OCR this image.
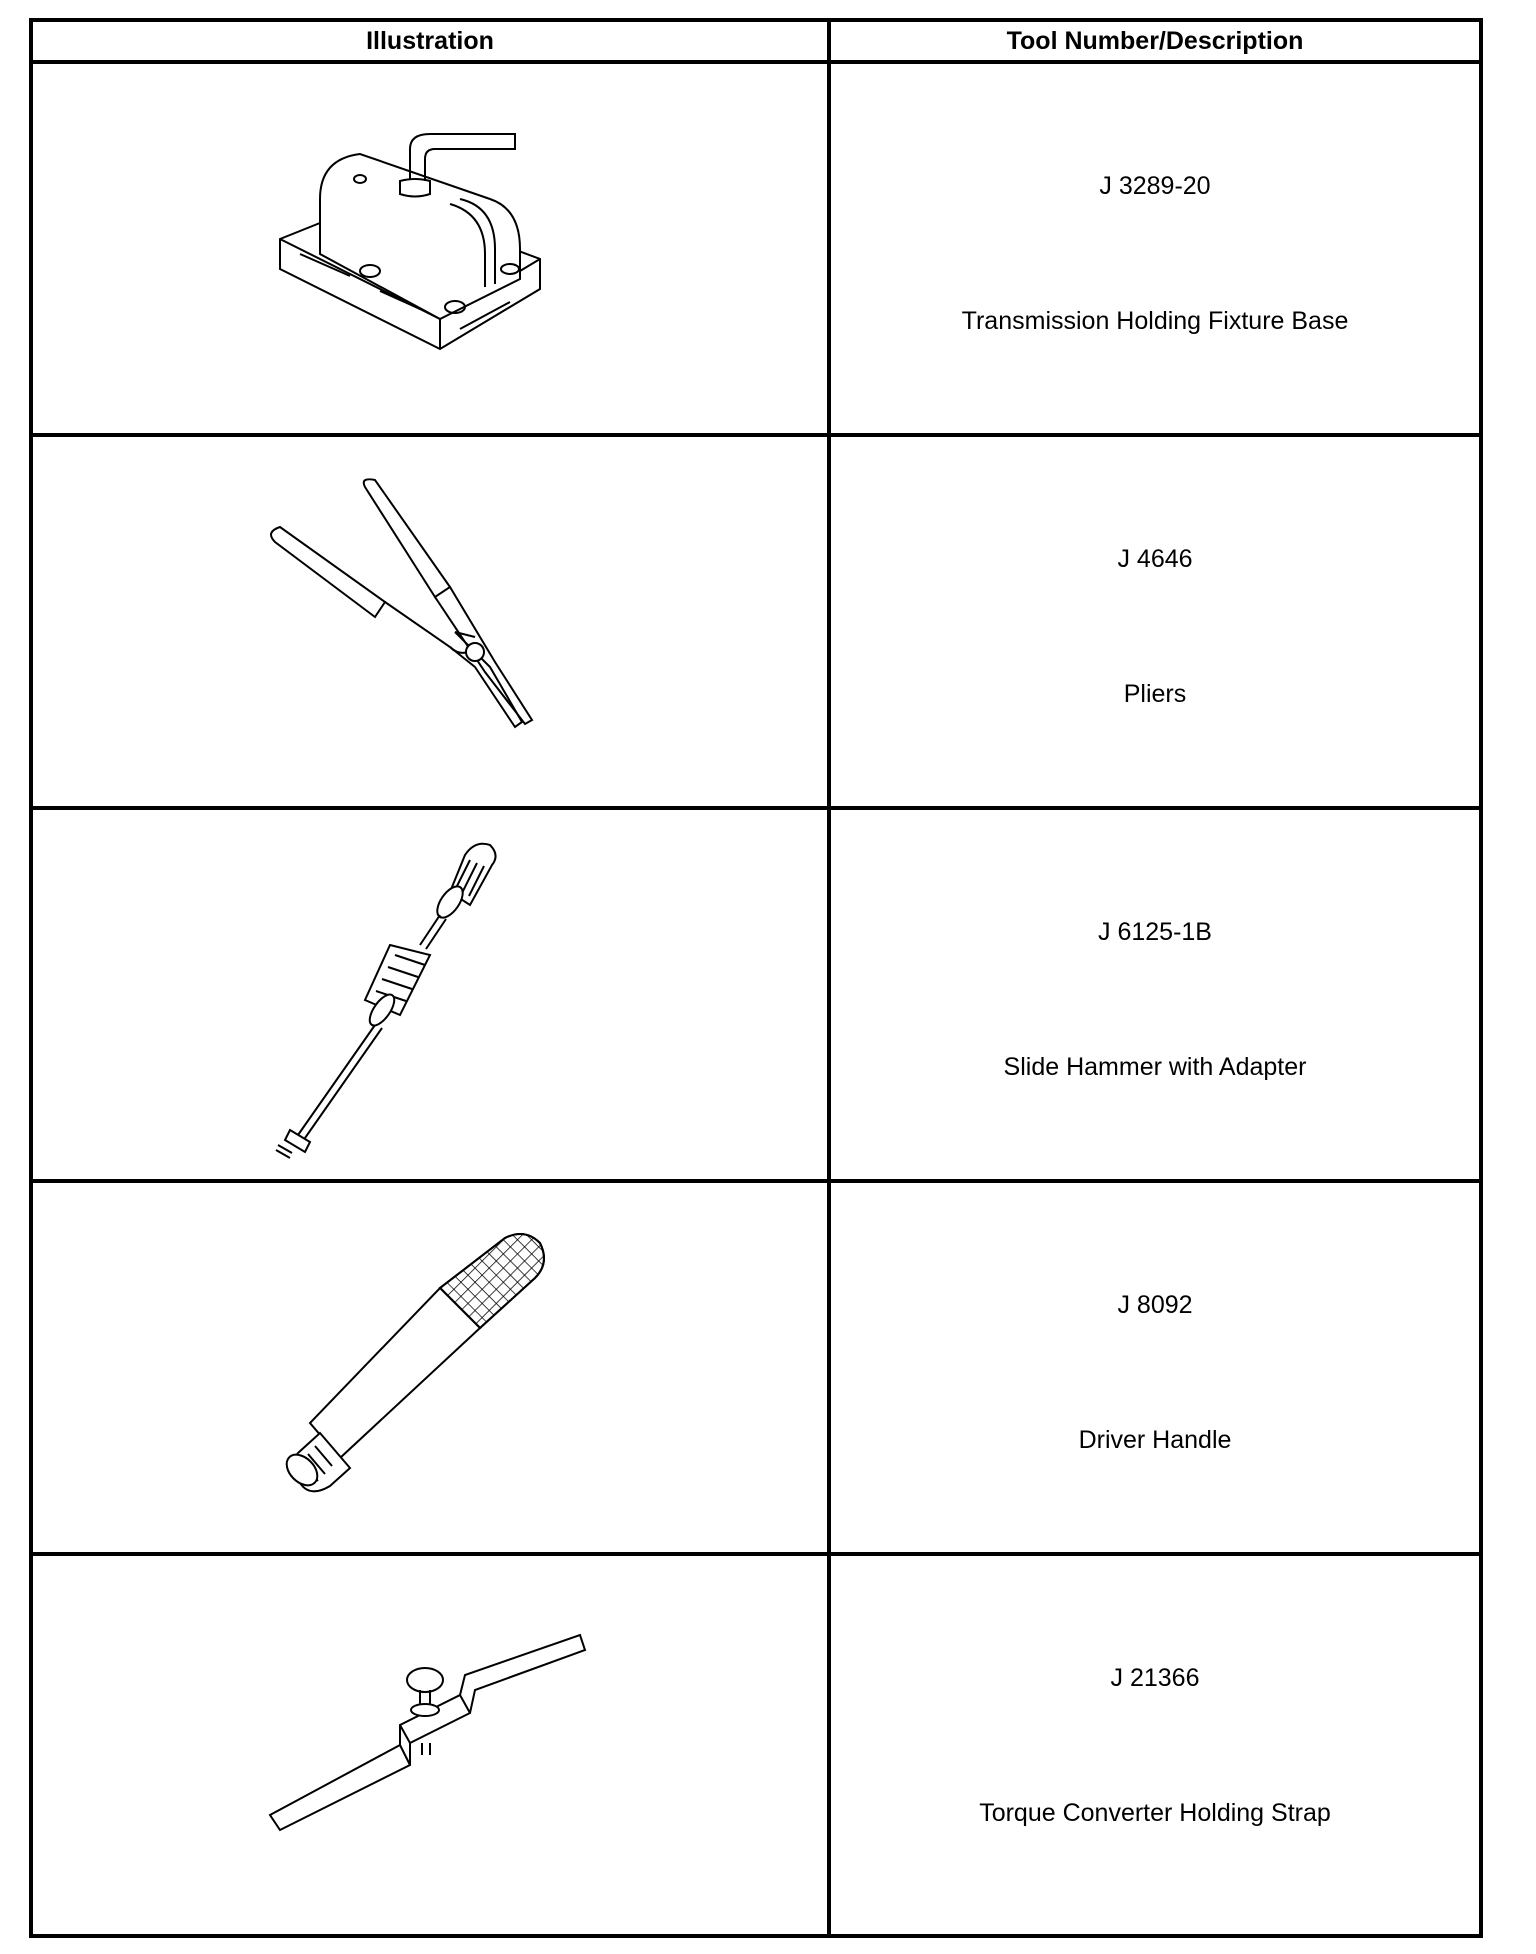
Illustration	Tool Number/Description
J 3289-20
Transmission Holding Fixture Base
J 4646
Pliers
J 6125-1B
Slide Hammer with Adapter
J 8092
Driver Handle
J 21366
Torque Converter Holding Strap
